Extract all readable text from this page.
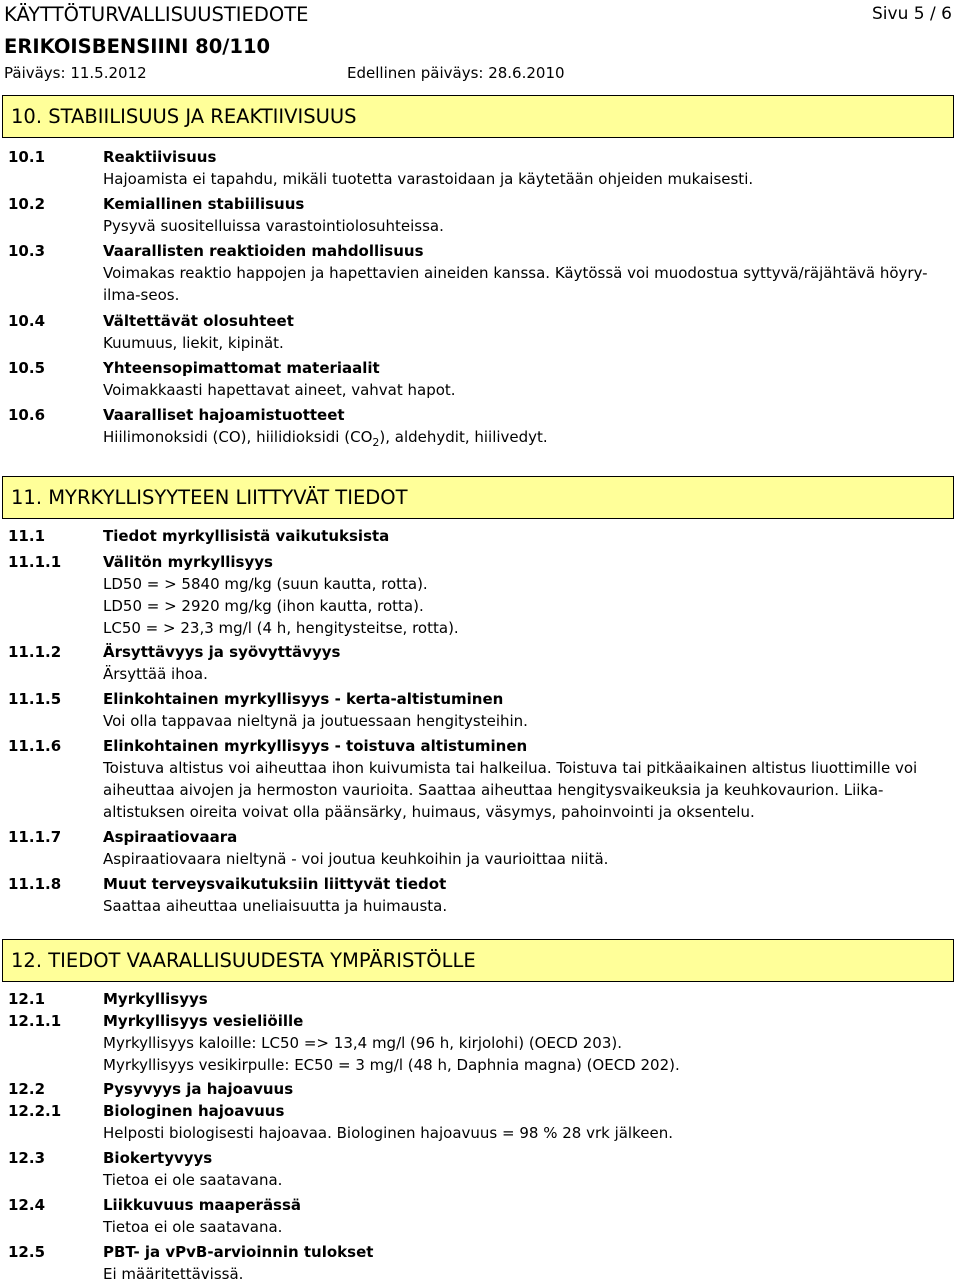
KÄYTTÖTURVALLISUUSTIEDOTE	Sivu 5 / 6
ERIKOISBENSIINI 80/110
Päiväys: 11.5.2012	Edellinen päiväys: 28.6.2010
10. STABIILISUUS JA REAKTIIVISUUS
10.1	Reaktiivisuus
Hajoamista ei tapahdu, mikäli tuotetta varastoidaan ja käytetään ohjeiden mukaisesti.
10.2	Kemiallinen stabiilisuus
Pysyvä suositelluissa varastointiolosuhteissa.
10.3	Vaarallisten reaktioiden mahdollisuus
Voimakas reaktio happojen ja hapettavien aineiden kanssa. Käytössä voi muodostua syttyvä/räjähtävä höyry-
ilma-seos.
10.4	Vältettävät olosuhteet
Kuumuus, liekit, kipinät.
10.5	Yhteensopimattomat materiaalit
Voimakkaasti hapettavat aineet, vahvat hapot.
10.6	Vaaralliset hajoamistuotteet
Hiilimonoksidi (CO), hiilidioksidi $(CO_2)$, aldehydit, hiilivedyt.
11. MYRKYLLISYYTEEN LIITTYVÄT TIEDOT
11.1	Tiedot myrkyllisistä vaikutuksista
11.1.1	Välitön myrkyllisyys
LD50 = > 5840 mg/kg (suun kautta, rotta).
LD50 = > 2920 mg/kg (ihon kautta, rotta).
LC50 = > 23,3 mg/l (4 h, hengitysteitse, rotta).
11.1.2	Ärsyttävyys ja syövyttävyys
Ärsyttää ihoa.
11.1.5	Elinkohtainen myrkyllisyys - kerta-altistuminen
Voi olla tappavaa nieltynä ja joutuessaan hengitysteihin.
11.1.6	Elinkohtainen myrkyllisyys - toistuva altistuminen
Toistuva altistus voi aiheuttaa ihon kuivumista tai halkeilua. Toistuva tai pitkäaikainen altistus liuottimille voi
aiheuttaa aivojen ja hermoston vaurioita. Saattaa aiheuttaa hengitysvaikeuksia ja keuhkovaurion. Liika-
altistuksen oireita voivat olla päänsärky, huimaus, väsymys, pahoinvointi ja oksentelu.
11.1.7	Aspiraatiovaara
Aspiraatiovaara nieltynä - voi joutua keuhkoihin ja vaurioittaa niitä.
11.1.8	Muut terveysvaikutuksiin liittyvät tiedot
Saattaa aiheuttaa uneliaisuutta ja huimausta.
12. TIEDOT VAARALLISUUDESTA YMPÄRISTÖLLE
12.1	Myrkyllisyys
12.1.1	Myrkyllisyys vesieliöille
Myrkyllisyys kaloille: LC50 => 13,4 mg/l (96 h, kirjolohi) (OECD 203).
Myrkyllisyys vesikirpulle: EC50 = 3 mg/l (48 h, Daphnia magna) (OECD 202).
12.2	Pysyvyys ja hajoavuus
12.2.1	Biologinen hajoavuus
Helposti biologisesti hajoavaa. Biologinen hajoavuus = 98 % 28 vrk jälkeen.
12.3	Biokertyvyys
Tietoa ei ole saatavana.
12.4	Liikkuvuus maaperässä
Tietoa ei ole saatavana.
12.5	PBT- ja vPvB-arvioinnin tulokset
Ei määritettävissä.
